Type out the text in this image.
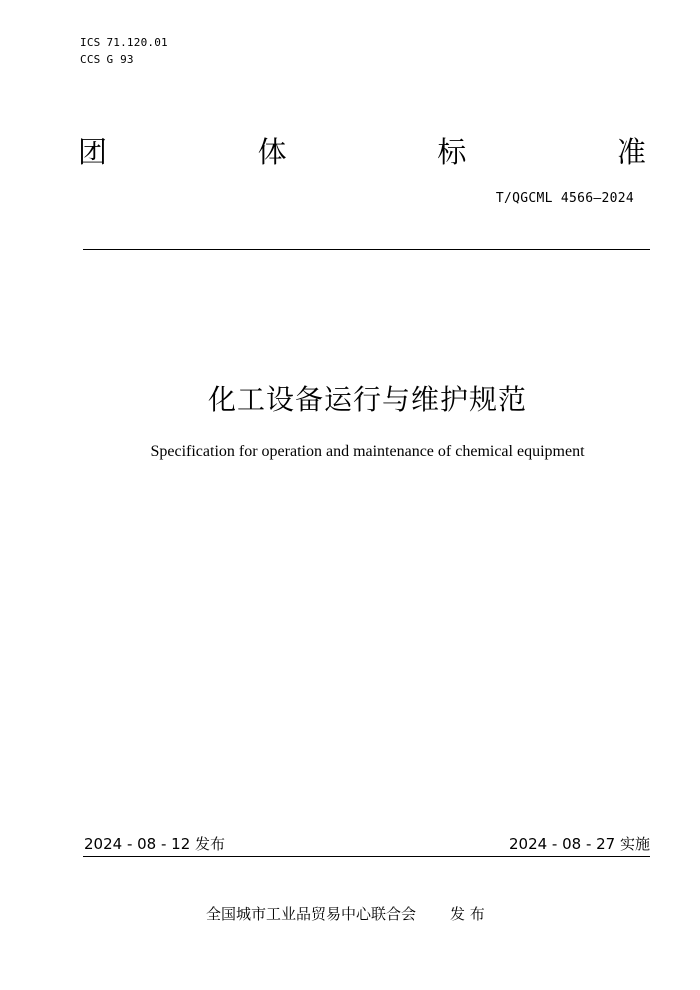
ICS 71.120.01
CCS G 93
团	体	标	准
T/QGCML 4566—2024
化工设备运行与维护规范
Specification for operation and maintenance of chemical equipment
2024 - 08 - 12 发布	2024 - 08 - 27 实施
全国城市工业品贸易中心联合会 发 布
